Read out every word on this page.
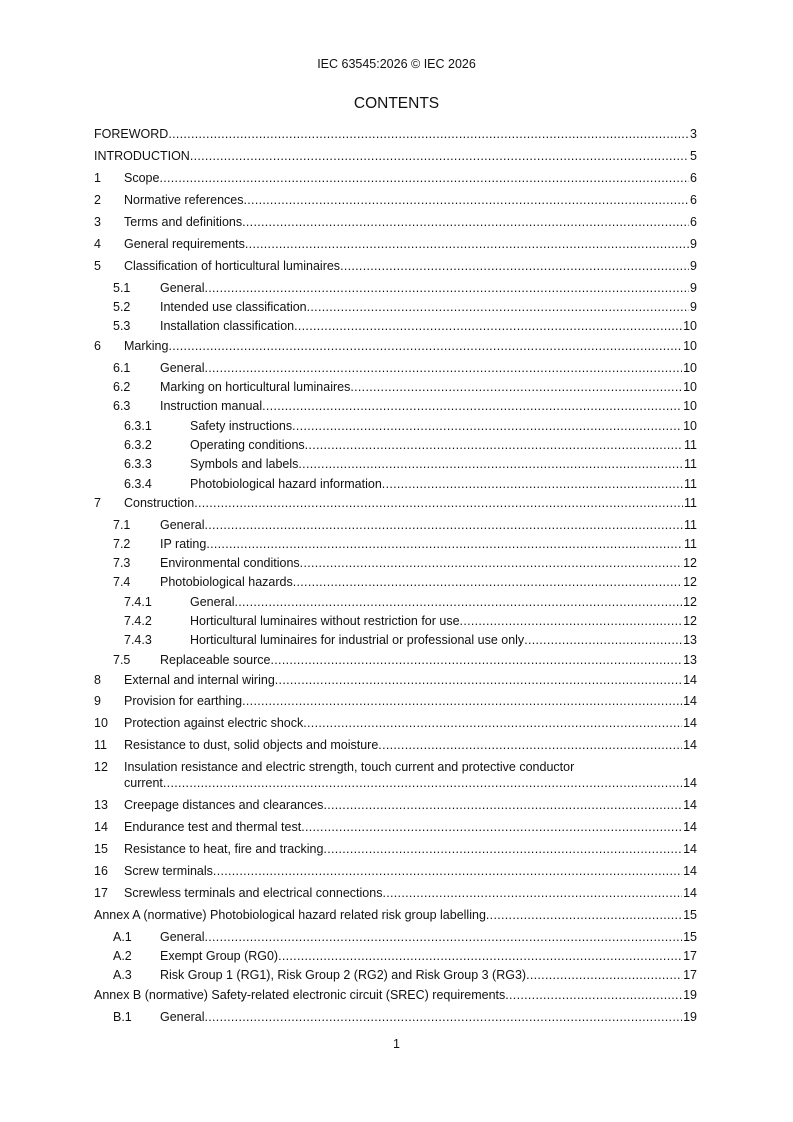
IEC 63545:2026 © IEC 2026
CONTENTS
FOREWORD .....	3
INTRODUCTION .....	5
1	Scope .....	6
2	Normative references .....	6
3	Terms and definitions .....	6
4	General requirements .....	9
5	Classification of horticultural luminaires .....	9
5.1	General .....	9
5.2	Intended use classification .....	9
5.3	Installation classification .....	10
6	Marking .....	10
6.1	General .....	10
6.2	Marking on horticultural luminaires .....	10
6.3	Instruction manual .....	10
6.3.1	Safety instructions .....	10
6.3.2	Operating conditions .....	11
6.3.3	Symbols and labels .....	11
6.3.4	Photobiological hazard information .....	11
7	Construction .....	11
7.1	General .....	11
7.2	IP rating .....	11
7.3	Environmental conditions .....	12
7.4	Photobiological hazards .....	12
7.4.1	General .....	12
7.4.2	Horticultural luminaires without restriction for use .....	12
7.4.3	Horticultural luminaires for industrial or professional use only .....	13
7.5	Replaceable source .....	13
8	External and internal wiring .....	14
9	Provision for earthing .....	14
10	Protection against electric shock .....	14
11	Resistance to dust, solid objects and moisture .....	14
12	Insulation resistance and electric strength, touch current and protective conductor
current .....	14
13	Creepage distances and clearances .....	14
14	Endurance test and thermal test .....	14
15	Resistance to heat, fire and tracking .....	14
16	Screw terminals .....	14
17	Screwless terminals and electrical connections .....	14
Annex A (normative) Photobiological hazard related risk group labelling .....	15
A.1	General .....	15
A.2	Exempt Group (RG0) .....	17
A.3	Risk Group 1 (RG1), Risk Group 2 (RG2) and Risk Group 3 (RG3) .....	17
Annex B (normative) Safety-related electronic circuit (SREC) requirements .....	19
B.1	General .....	19
1
